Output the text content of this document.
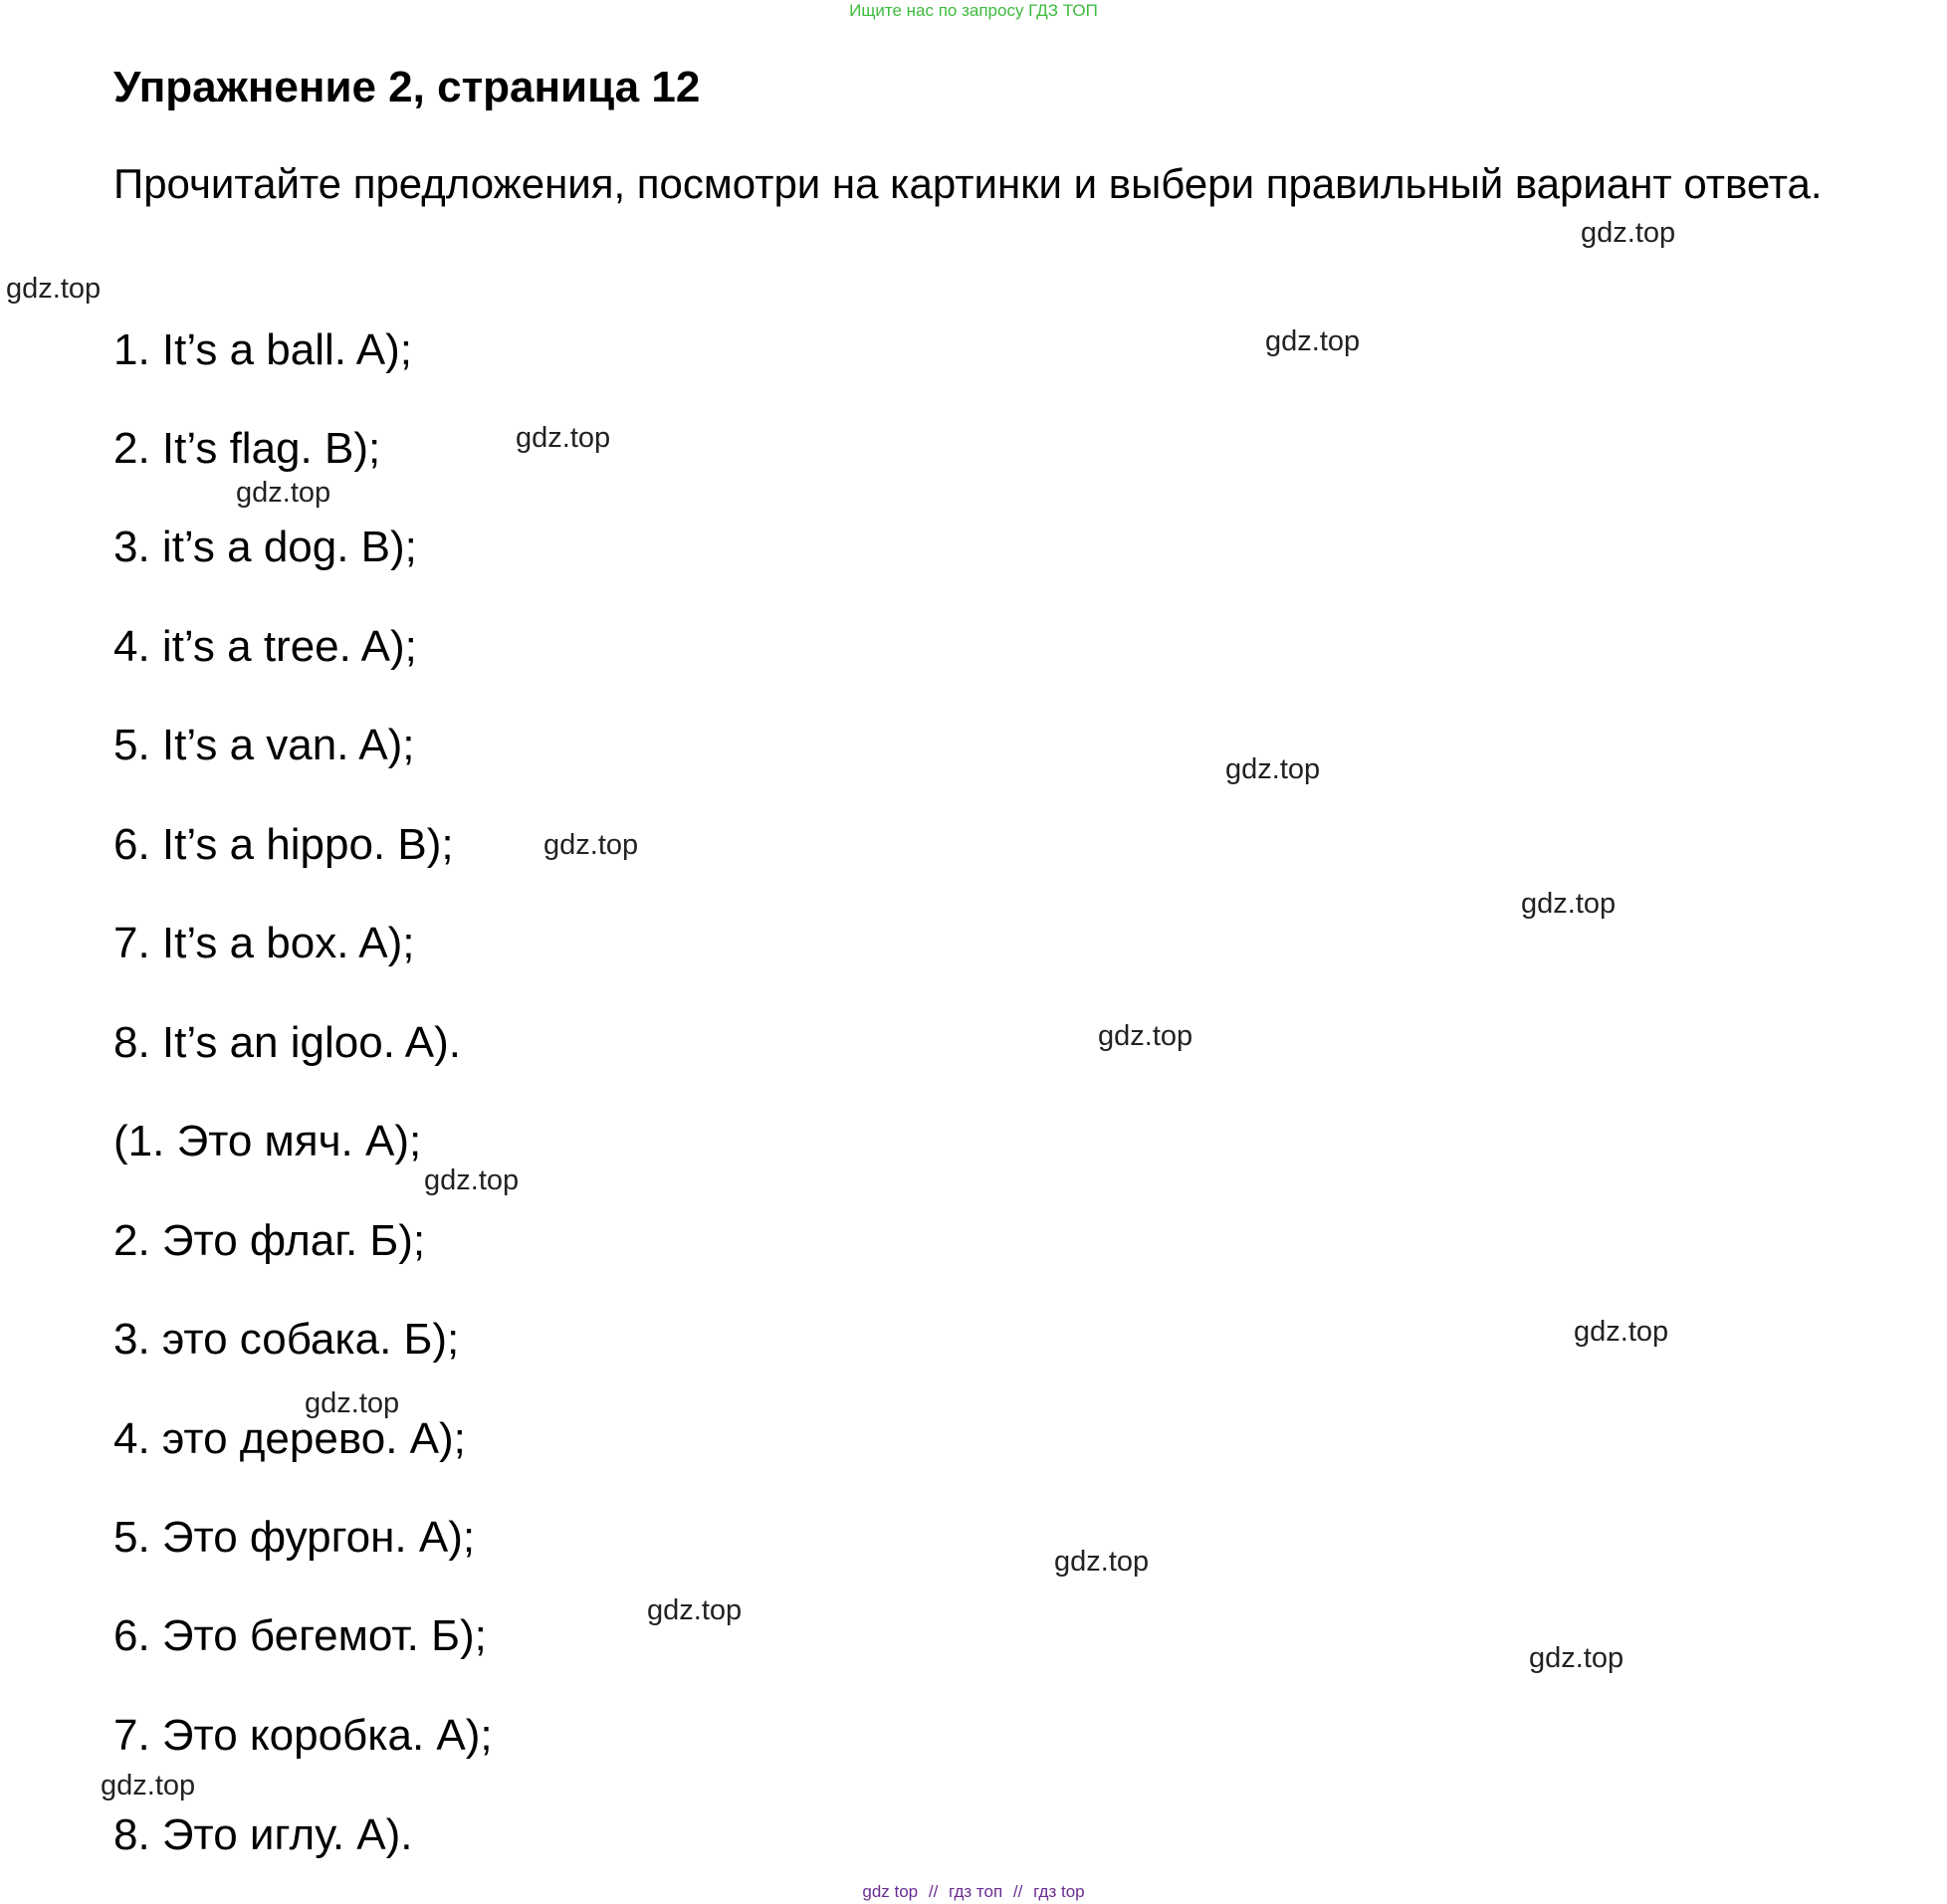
Ищите нас по запросу ГДЗ ТОП
Упражнение 2, страница 12
Прочитайте предложения, посмотри на картинки и выбери правильный вариант ответа.
1. It’s a ball. A);
2. It’s flag. B);
3. it’s a dog. B);
4. it’s a tree. A);
5. It’s a van. A);
6. It’s a hippo. B);
7. It’s a box. A);
8. It’s an igloo. A).
(1. Это мяч. А);
2. Это флаг. Б);
3. это собака. Б);
4. это дерево. А);
5. Это фургон. А);
6. Это бегемот. Б);
7. Это коробка. А);
8. Это иглу. А).
gdz.top
gdz.top
gdz.top
gdz.top
gdz.top
gdz.top
gdz.top
gdz.top
gdz.top
gdz.top
gdz.top
gdz.top
gdz.top
gdz.top
gdz.top
gdz.top
gdz top // гдз топ // гдз top
